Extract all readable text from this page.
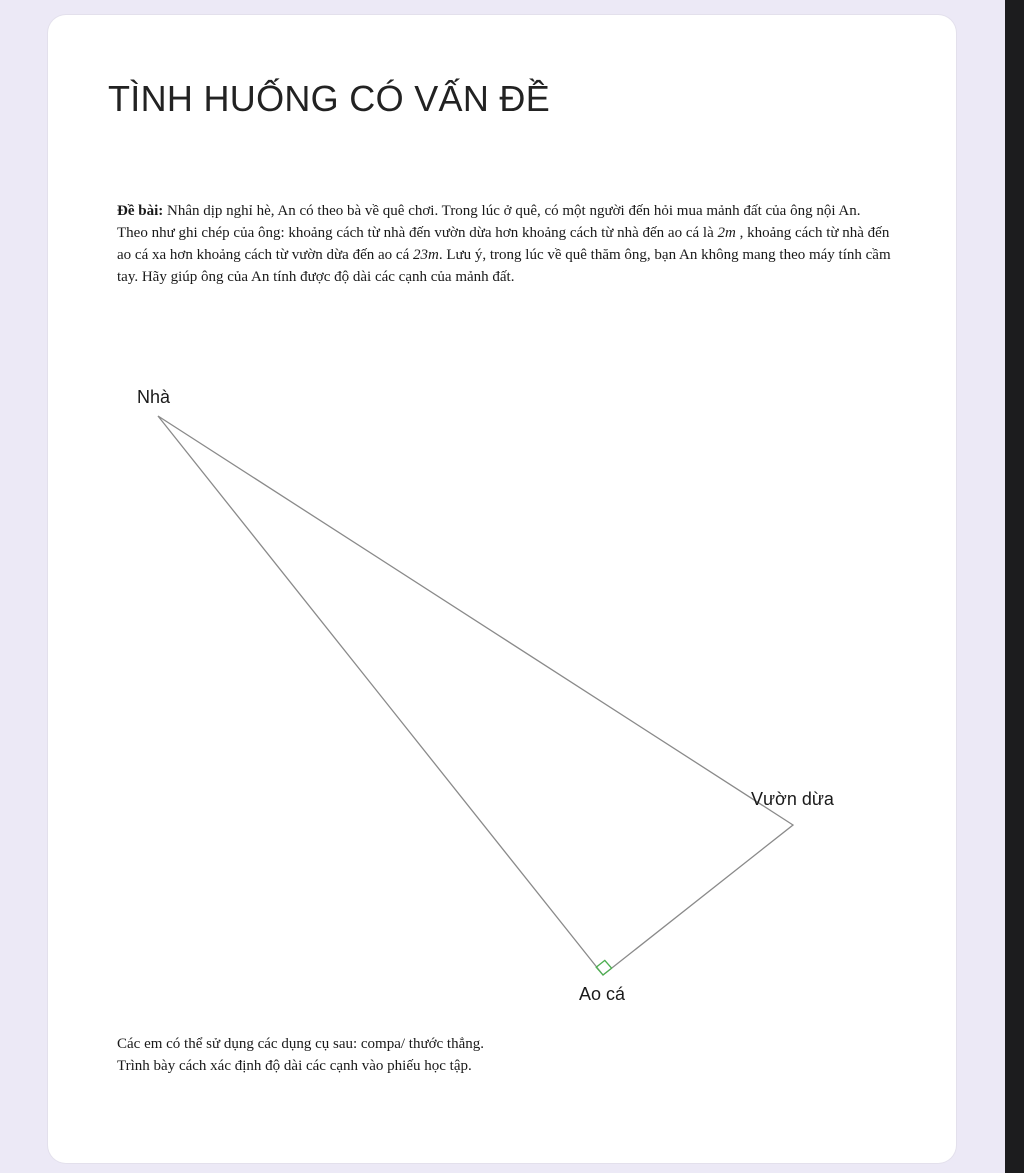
TÌNH HUỐNG CÓ VẤN ĐỀ

Đề bài: Nhân dịp nghỉ hè, An có theo bà về quê chơi. Trong lúc ở quê, có một người đến hỏi mua mảnh đất của ông nội An. Theo như ghi chép của ông: khoảng cách từ nhà đến vườn dừa hơn khoảng cách từ nhà đến ao cá là 2m , khoảng cách từ nhà đến ao cá xa hơn khoảng cách từ vườn dừa đến ao cá 23m. Lưu ý, trong lúc về quê thăm ông, bạn An không mang theo máy tính cầm tay. Hãy giúp ông của An tính được độ dài các cạnh của mảnh đất.

Nhà
Vườn dừa
Ao cá
Các em có thể sử dụng các dụng cụ sau: compa/ thước thẳng.
Trình bày cách xác định độ dài các cạnh vào phiếu học tập.
